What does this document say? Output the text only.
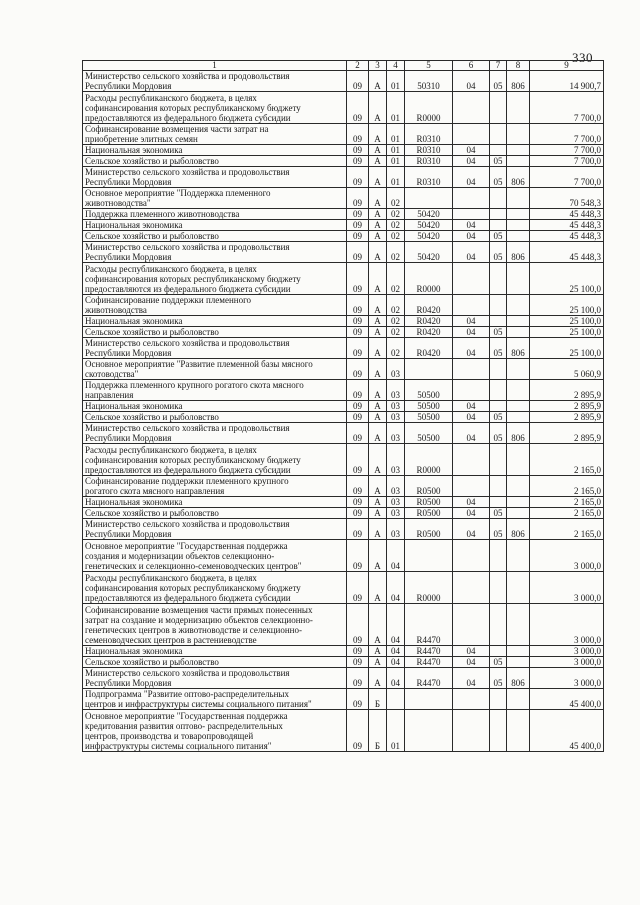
330
1	2	3	4	5	6	7	8	9
Министерство сельского хозяйства и продовольствия
Республики Мордовия	09	А	01	50310	04	05	806	14 900,7
Расходы республиканского бюджета, в целях
софинансирования которых республиканскому бюджету
предоставляются из федерального бюджета субсидии	09	А	01	R0000				7 700,0
Софинансирование возмещения части затрат на
приобретение элитных семян	09	А	01	R0310				7 700,0
Национальная экономика	09	А	01	R0310	04			7 700,0
Сельское хозяйство и рыболовство	09	А	01	R0310	04	05		7 700,0
Министерство сельского хозяйства и продовольствия
Республики Мордовия	09	А	01	R0310	04	05	806	7 700,0
Основное мероприятие "Поддержка племенного
животноводства"	09	А	02					70 548,3
Поддержка племенного животноводства	09	А	02	50420				45 448,3
Национальная экономика	09	А	02	50420	04			45 448,3
Сельское хозяйство и рыболовство	09	А	02	50420	04	05		45 448,3
Министерство сельского хозяйства и продовольствия
Республики Мордовия	09	А	02	50420	04	05	806	45 448,3
Расходы республиканского бюджета, в целях
софинансирования которых республиканскому бюджету
предоставляются из федерального бюджета субсидии	09	А	02	R0000				25 100,0
Софинансирование поддержки племенного
животноводства	09	А	02	R0420				25 100,0
Национальная экономика	09	А	02	R0420	04			25 100,0
Сельское хозяйство и рыболовство	09	А	02	R0420	04	05		25 100,0
Министерство сельского хозяйства и продовольствия
Республики Мордовия	09	А	02	R0420	04	05	806	25 100,0
Основное мероприятие "Развитие племенной базы мясного
скотоводства"	09	А	03					5 060,9
Поддержка племенного крупного рогатого скота мясного
направления	09	А	03	50500				2 895,9
Национальная экономика	09	А	03	50500	04			2 895,9
Сельское хозяйство и рыболовство	09	А	03	50500	04	05		2 895,9
Министерство сельского хозяйства и продовольствия
Республики Мордовия	09	А	03	50500	04	05	806	2 895,9
Расходы республиканского бюджета, в целях
софинансирования которых республиканскому бюджету
предоставляются из федерального бюджета субсидии	09	А	03	R0000				2 165,0
Софинансирование поддержки племенного крупного
рогатого скота мясного направления	09	А	03	R0500				2 165,0
Национальная экономика	09	А	03	R0500	04			2 165,0
Сельское хозяйство и рыболовство	09	А	03	R0500	04	05		2 165,0
Министерство сельского хозяйства и продовольствия
Республики Мордовия	09	А	03	R0500	04	05	806	2 165,0
Основное мероприятие "Государственная поддержка
создания и модернизации объектов селекционно-
генетических и селекционно-семеноводческих центров"	09	А	04					3 000,0
Расходы республиканского бюджета, в целях
софинансирования которых республиканскому бюджету
предоставляются из федерального бюджета субсидии	09	А	04	R0000				3 000,0
Софинансирование возмещения части прямых понесенных
затрат на создание и модернизацию объектов селекционно-
генетических центров в животноводстве и селекционно-
семеноводческих центров в растениеводстве	09	А	04	R4470				3 000,0
Национальная экономика	09	А	04	R4470	04			3 000,0
Сельское хозяйство и рыболовство	09	А	04	R4470	04	05		3 000,0
Министерство сельского хозяйства и продовольствия
Республики Мордовия	09	А	04	R4470	04	05	806	3 000,0
Подпрограмма "Развитие оптово-распределительных
центров и инфраструктуры системы социального питания"	09	Б						45 400,0
Основное мероприятие "Государственная поддержка
кредитования развития оптово- распределительных
центров, производства и товаропроводящей
инфраструктуры системы социального питания"	09	Б	01					45 400,0
